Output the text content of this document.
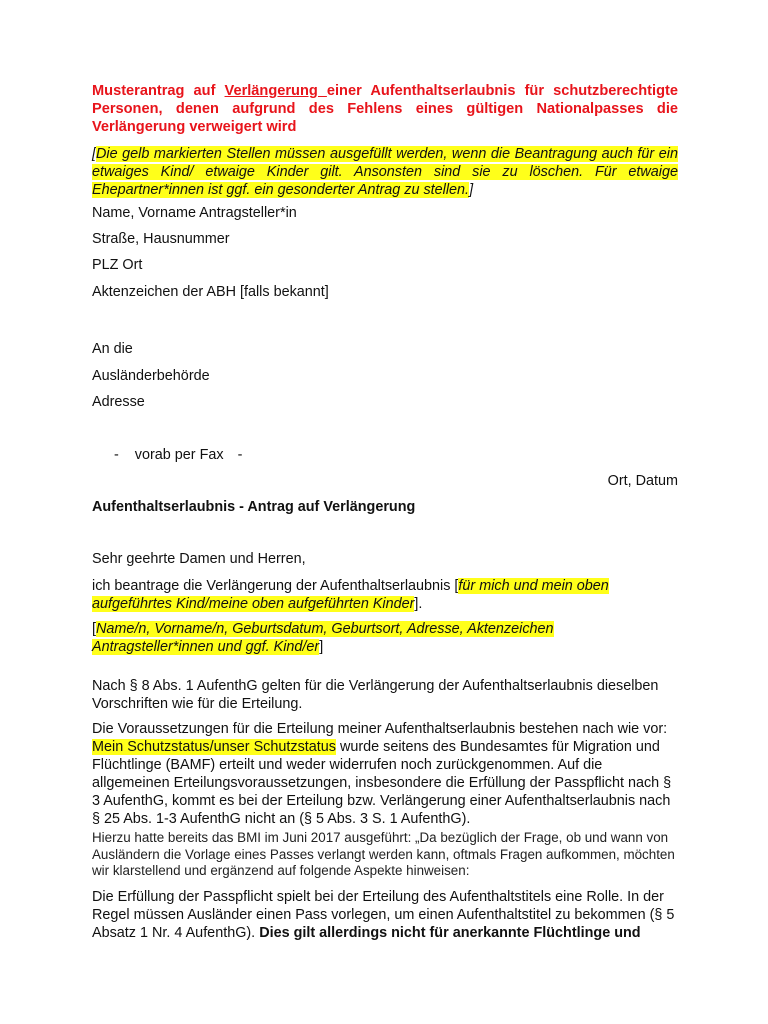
Musterantrag auf Verlängerung einer Aufenthaltserlaubnis für schutzberechtigte Personen, denen aufgrund des Fehlens eines gültigen Nationalpasses die Verlängerung verweigert wird
[Die gelb markierten Stellen müssen ausgefüllt werden, wenn die Beantragung auch für ein etwaiges Kind/ etwaige Kinder gilt. Ansonsten sind sie zu löschen. Für etwaige Ehepartner*innen ist ggf. ein gesonderter Antrag zu stellen.]
Name, Vorname Antragsteller*in
Straße, Hausnummer
PLZ Ort
Aktenzeichen der ABH [falls bekannt]
An die
Ausländerbehörde
Adresse
- vorab per Fax -
Ort, Datum
Aufenthaltserlaubnis - Antrag auf Verlängerung
Sehr geehrte Damen und Herren,
ich beantrage die Verlängerung der Aufenthaltserlaubnis [für mich und mein oben aufgeführtes Kind/meine oben aufgeführten Kinder].
[Name/n, Vorname/n, Geburtsdatum, Geburtsort, Adresse, Aktenzeichen Antragsteller*innen und ggf. Kind/er]
Nach § 8 Abs. 1 AufenthG gelten für die Verlängerung der Aufenthaltserlaubnis dieselben Vorschriften wie für die Erteilung.
Die Voraussetzungen für die Erteilung meiner Aufenthaltserlaubnis bestehen nach wie vor: Mein Schutzstatus/unser Schutzstatus wurde seitens des Bundesamtes für Migration und Flüchtlinge (BAMF) erteilt und weder widerrufen noch zurückgenommen. Auf die allgemeinen Erteilungsvoraussetzungen, insbesondere die Erfüllung der Passpflicht nach § 3 AufenthG, kommt es bei der Erteilung bzw. Verlängerung einer Aufenthaltserlaubnis nach § 25 Abs. 1-3 AufenthG nicht an (§ 5 Abs. 3 S. 1 AufenthG).
Hierzu hatte bereits das BMI im Juni 2017 ausgeführt: „Da bezüglich der Frage, ob und wann von Ausländern die Vorlage eines Passes verlangt werden kann, oftmals Fragen aufkommen, möchten wir klarstellend und ergänzend auf folgende Aspekte hinweisen:
Die Erfüllung der Passpflicht spielt bei der Erteilung des Aufenthaltstitels eine Rolle. In der Regel müssen Ausländer einen Pass vorlegen, um einen Aufenthaltstitel zu bekommen (§ 5 Absatz 1 Nr. 4 AufenthG). Dies gilt allerdings nicht für anerkannte Flüchtlinge und
